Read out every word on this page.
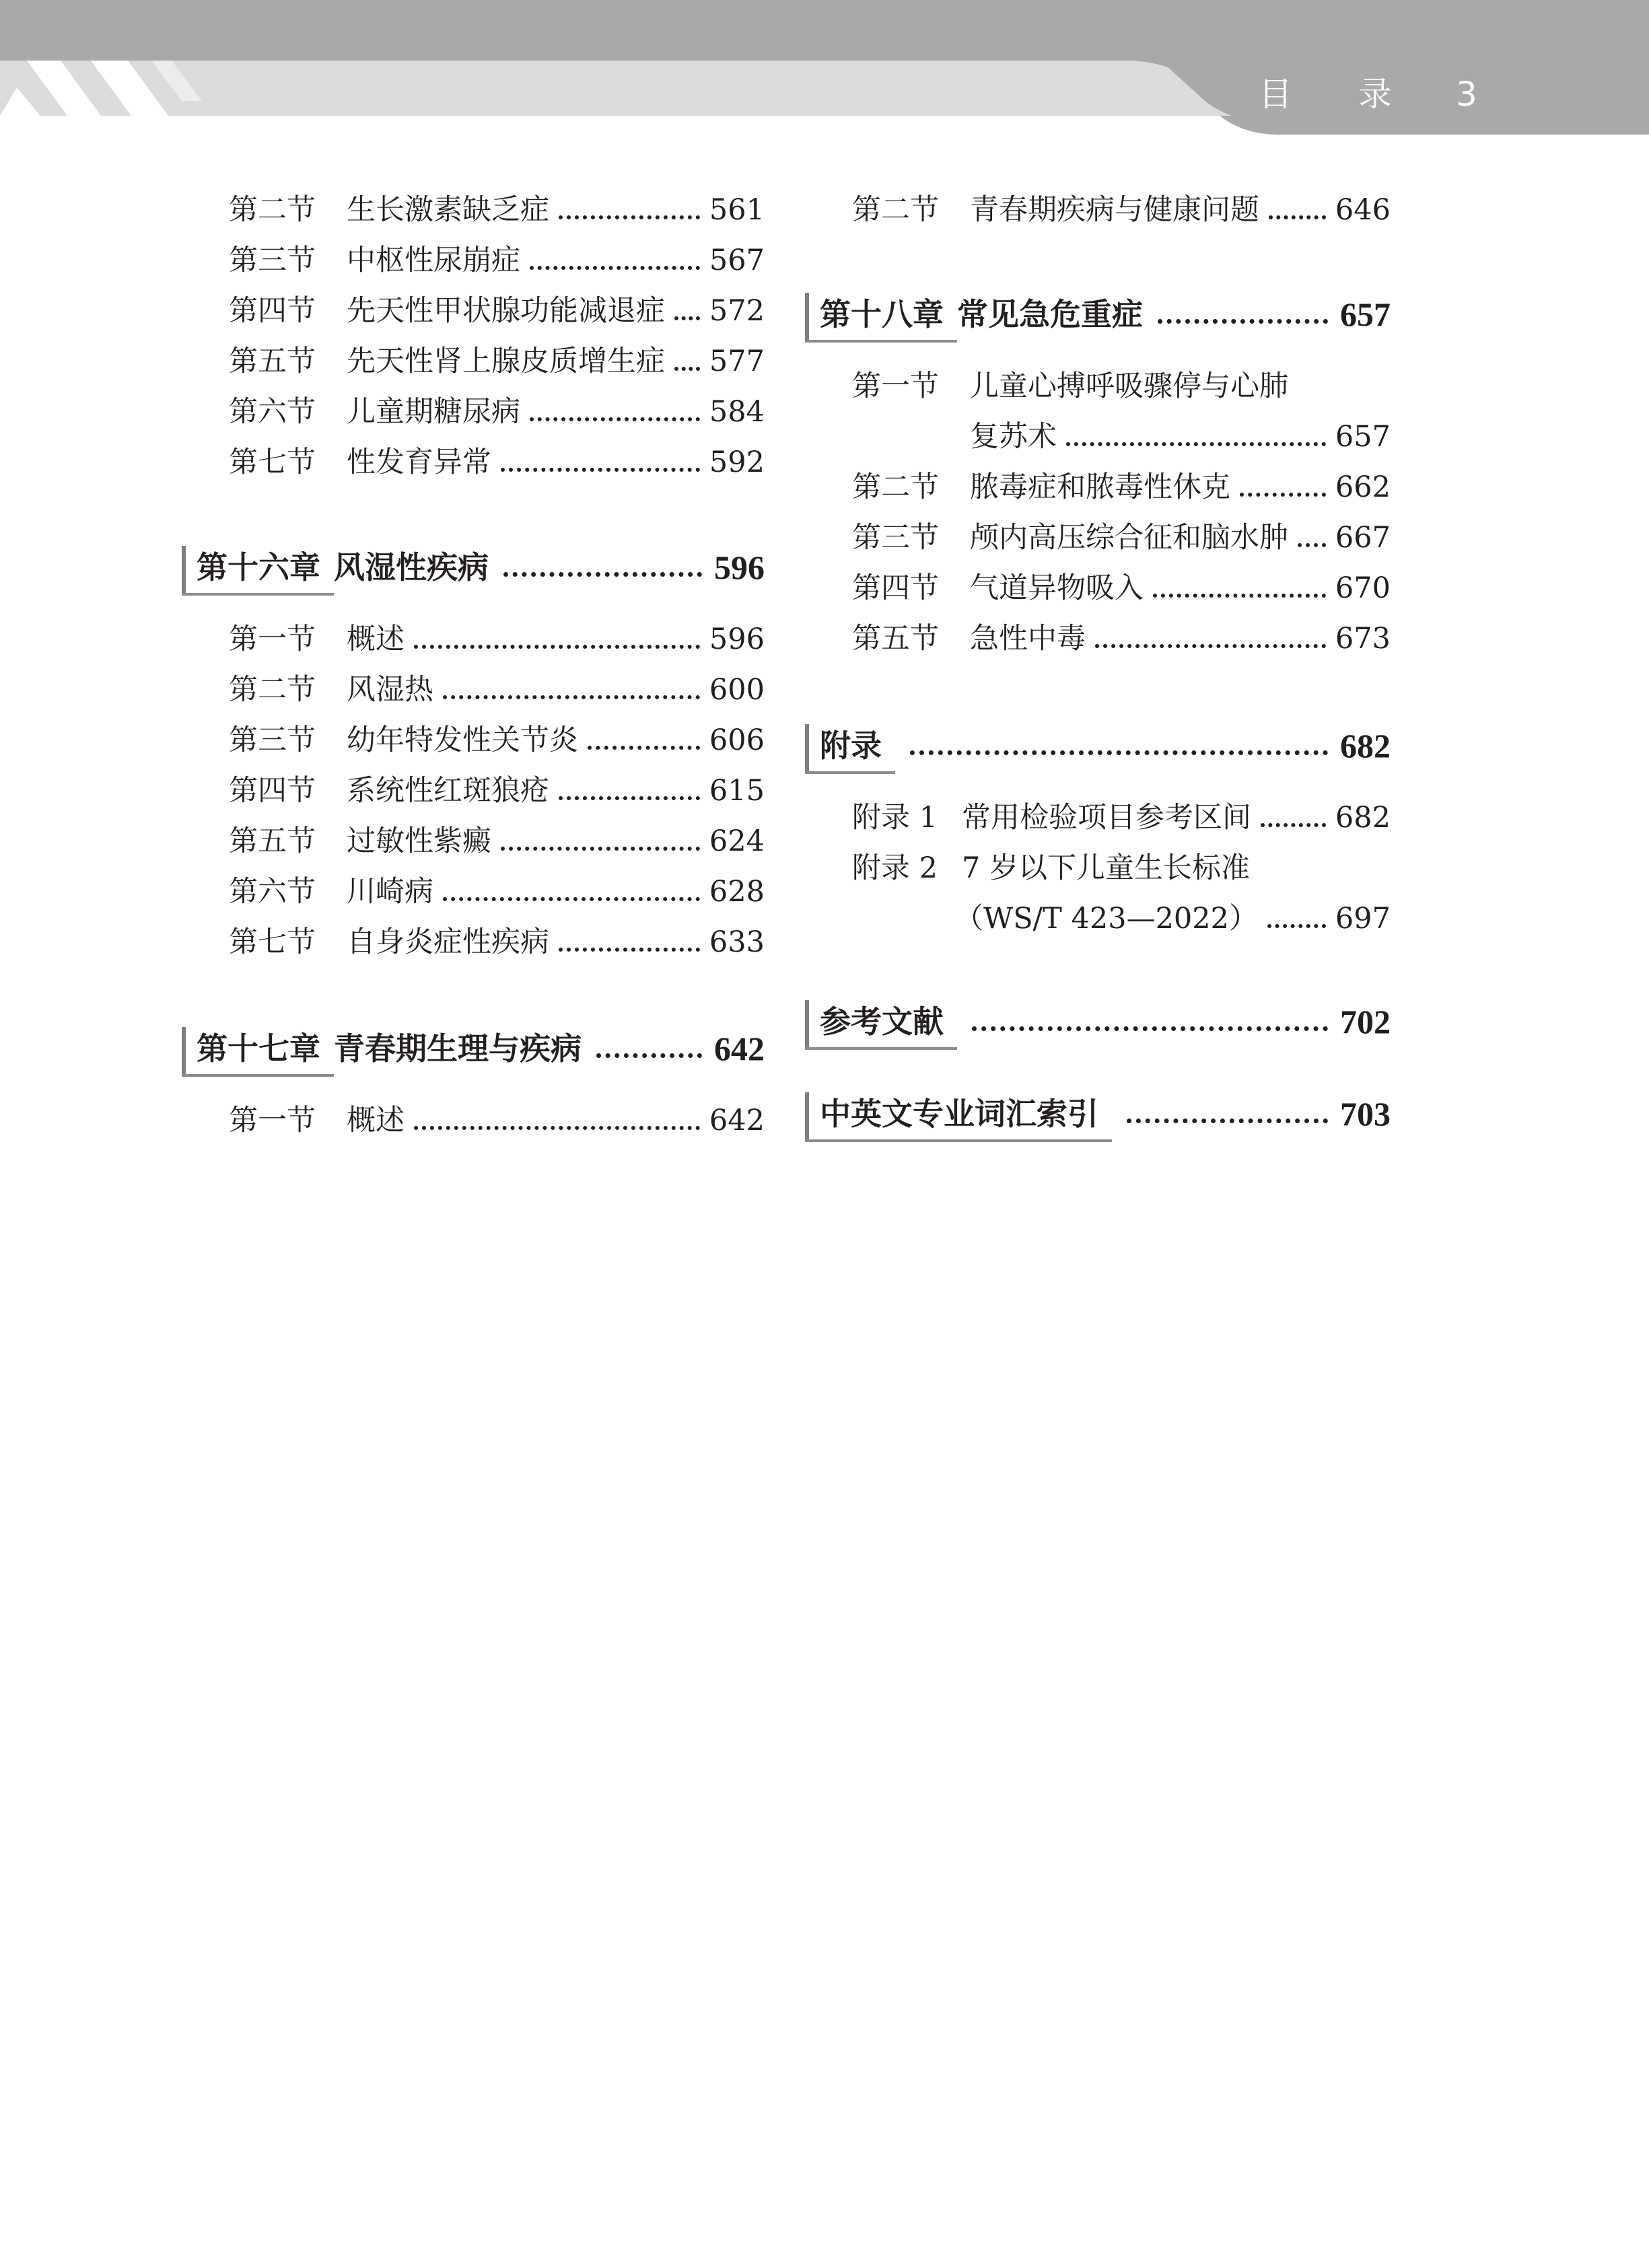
目 录 3
第二节	生长激素缺乏症	561
第三节	中枢性尿崩症	567
第四节	先天性甲状腺功能减退症 572
第五节	先天性肾上腺皮质增生症 577
第六节	儿童期糖尿病	584
第七节	性发育异常	592
第十六章 风湿性疾病	596
第一节	概述	596
第二节	风湿热	600
第三节	幼年特发性关节炎	606
第四节	系统性红斑狼疮	615
第五节	过敏性紫癜	624
第六节	川崎病	628
第七节	自身炎症性疾病	633
第十七章 青春期生理与疾病	642
第一节	概述	642
第二节	青春期疾病与健康问题	646
第十八章 常见急危重症	657
第一节	儿童心搏呼吸骤停与心肺
复苏术	657
第二节	脓毒症和脓毒性休克	662
第三节	颅内高压综合征和脑水肿 667
第四节	气道异物吸入	670
第五节	急性中毒	673
附录	682
附录 1 常用检验项目参考区间	682
附录 2 7 岁以下儿童生长标准
（WS/T 423—2022）	697
参考文献	702
中英文专业词汇索引	703
